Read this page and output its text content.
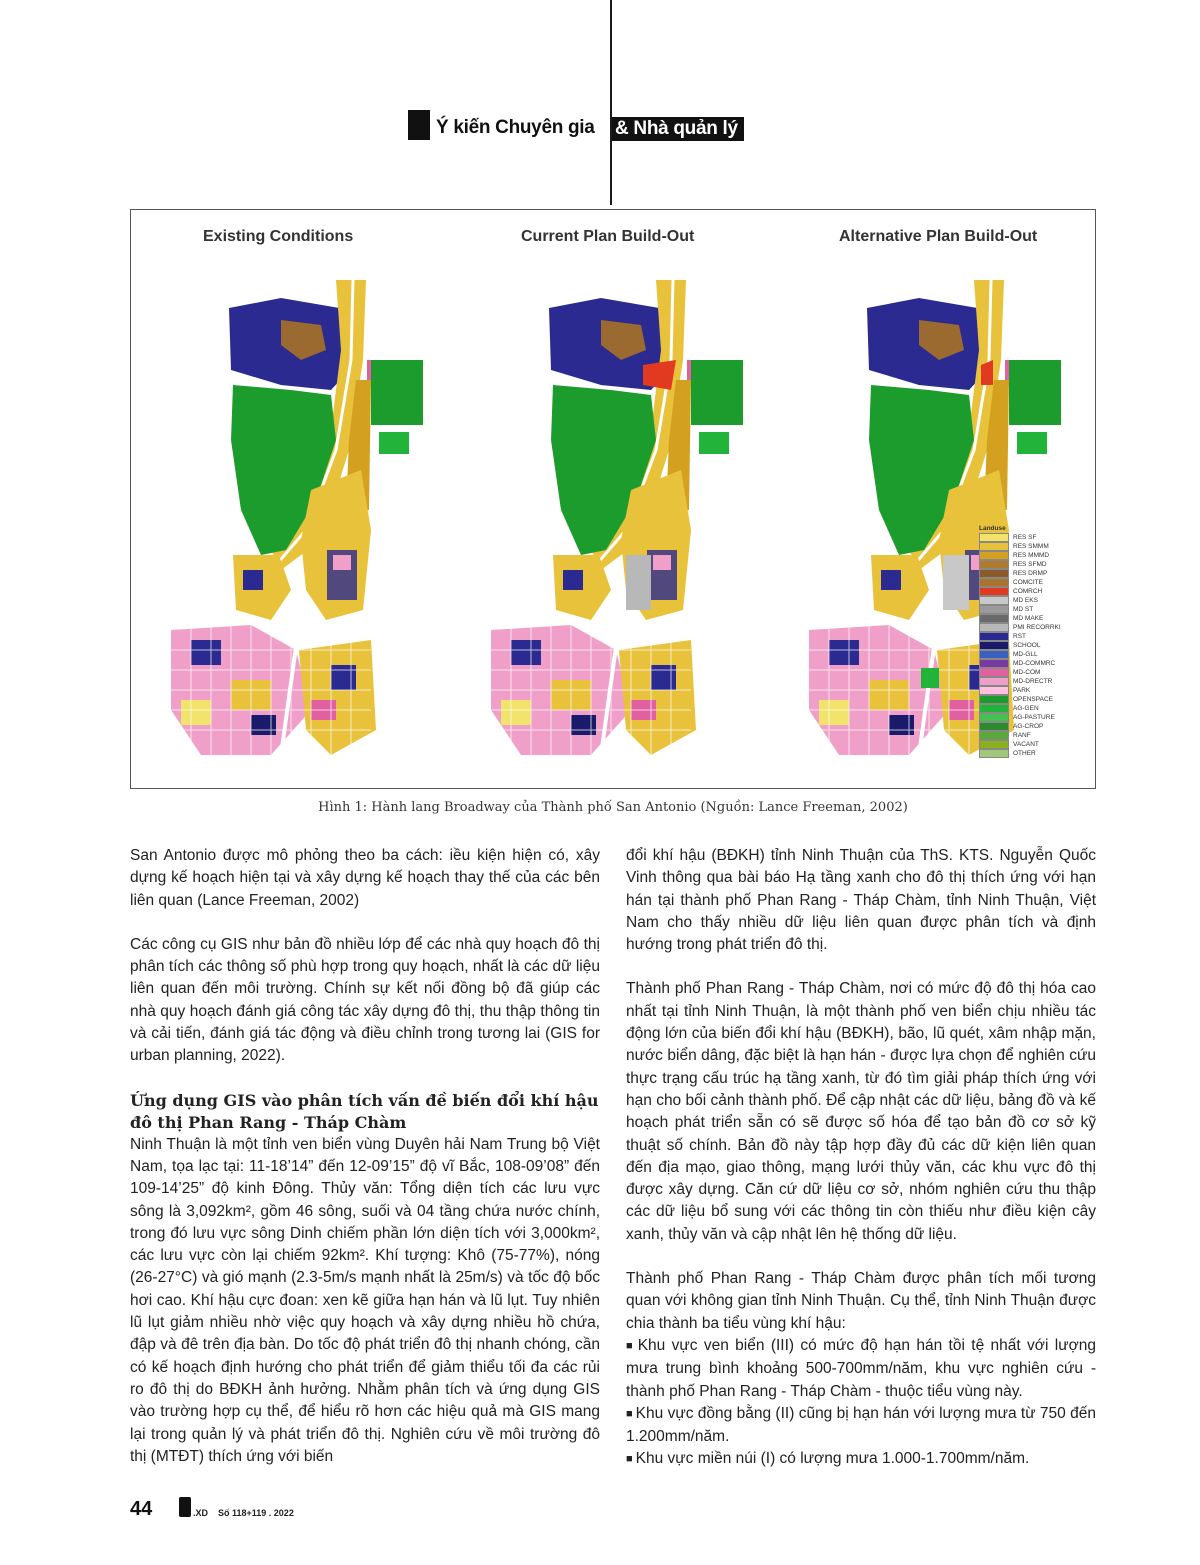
Ý kiến Chuyên gia & Nhà quản lý
Existing Conditions	Current Plan Build-Out	Alternative Plan Build-Out
Landuse
RES SF
RES SMMM
RES MMMD
RES SFMD
RES DRMP
COMCITE
COMRCH
MD EKS
MD ST
MD MAKE
PMI RECORRKI
RST
SCHOOL
MD-GLL
MD-COMMRC
MD-COM
MD-DRECTR
PARK
OPENSPACE
AG-GEN
AG-PASTURE
AG-CROP
RANF
VACANT
OTHER
Hình 1: Hành lang Broadway của Thành phố San Antonio (Nguồn: Lance Freeman, 2002)

San Antonio được mô phỏng theo ba cách: iều kiện hiện có, xây dựng kế hoạch hiện tại và xây dựng kế hoạch thay thế của các bên liên quan (Lance Freeman, 2002)

Các công cụ GIS như bản đồ nhiều lớp để các nhà quy hoạch đô thị phân tích các thông số phù hợp trong quy hoạch, nhất là các dữ liệu liên quan đến môi trường. Chính sự kết nối đồng bộ đã giúp các nhà quy hoạch đánh giá công tác xây dựng đô thị, thu thập thông tin và cải tiến, đánh giá tác động và điều chỉnh trong tương lai (GIS for urban planning, 2022).

Ứng dụng GIS vào phân tích vấn đề biến đổi khí hậu đô thị Phan Rang - Tháp Chàm

Ninh Thuận là một tỉnh ven biển vùng Duyên hải Nam Trung bộ Việt Nam, tọa lạc tại: 11-18’14” đến 12-09’15” độ vĩ Bắc, 108-09’08” đến 109-14’25” độ kinh Đông. Thủy văn: Tổng diện tích các lưu vực sông là 3,092km², gồm 46 sông, suối và 04 tầng chứa nước chính, trong đó lưu vực sông Dinh chiếm phần lớn diện tích với 3,000km², các lưu vực còn lại chiếm 92km². Khí tượng: Khô (75-77%), nóng (26-27°C) và gió mạnh (2.3-5m/s mạnh nhất là 25m/s) và tốc độ bốc hơi cao. Khí hậu cực đoan: xen kẽ giữa hạn hán và lũ lụt. Tuy nhiên lũ lụt giảm nhiều nhờ việc quy hoạch và xây dựng nhiều hồ chứa, đập và đê trên địa bàn. Do tốc độ phát triển đô thị nhanh chóng, cần có kế hoạch định hướng cho phát triển để giảm thiểu tối đa các rủi ro đô thị do BĐKH ảnh hưởng. Nhằm phân tích và ứng dụng GIS vào trường hợp cụ thể, để hiểu rõ hơn các hiệu quả mà GIS mang lại trong quản lý và phát triển đô thị. Nghiên cứu về môi trường đô thị (MTĐT) thích ứng với biến

đổi khí hậu (BĐKH) tỉnh Ninh Thuận của ThS. KTS. Nguyễn Quốc Vinh thông qua bài báo Hạ tầng xanh cho đô thị thích ứng với hạn hán tại thành phố Phan Rang - Tháp Chàm, tỉnh Ninh Thuận, Việt Nam cho thấy nhiều dữ liệu liên quan được phân tích và định hướng trong phát triển đô thị.

Thành phố Phan Rang - Tháp Chàm, nơi có mức độ đô thị hóa cao nhất tại tỉnh Ninh Thuận, là một thành phố ven biển chịu nhiều tác động lớn của biến đổi khí hậu (BĐKH), bão, lũ quét, xâm nhập mặn, nước biển dâng, đặc biệt là hạn hán - được lựa chọn để nghiên cứu thực trạng cấu trúc hạ tầng xanh, từ đó tìm giải pháp thích ứng với hạn cho bối cảnh thành phố. Để cập nhật các dữ liệu, bảng đồ và kế hoạch phát triển sẵn có sẽ được số hóa để tạo bản đồ cơ sở kỹ thuật số chính. Bản đồ này tập hợp đầy đủ các dữ kiện liên quan đến địa mạo, giao thông, mạng lưới thủy văn, các khu vực đô thị được xây dựng. Căn cứ dữ liệu cơ sở, nhóm nghiên cứu thu thập các dữ liệu bổ sung với các thông tin còn thiếu như điều kiện cây xanh, thủy văn và cập nhật lên hệ thống dữ liệu.

Thành phố Phan Rang - Tháp Chàm được phân tích mối tương quan với không gian tỉnh Ninh Thuận. Cụ thể, tỉnh Ninh Thuận được chia thành ba tiểu vùng khí hậu:

■ Khu vực ven biển (III) có mức độ hạn hán tồi tệ nhất với lượng mưa trung bình khoảng 500-700mm/năm, khu vực nghiên cứu - thành phố Phan Rang - Tháp Chàm - thuộc tiểu vùng này.

■ Khu vực đồng bằng (II) cũng bị hạn hán với lượng mưa từ 750 đến 1.200mm/năm.

■ Khu vực miền núi (I) có lượng mưa 1.000-1.700mm/năm.

44	.XD Số 118+119 . 2022
